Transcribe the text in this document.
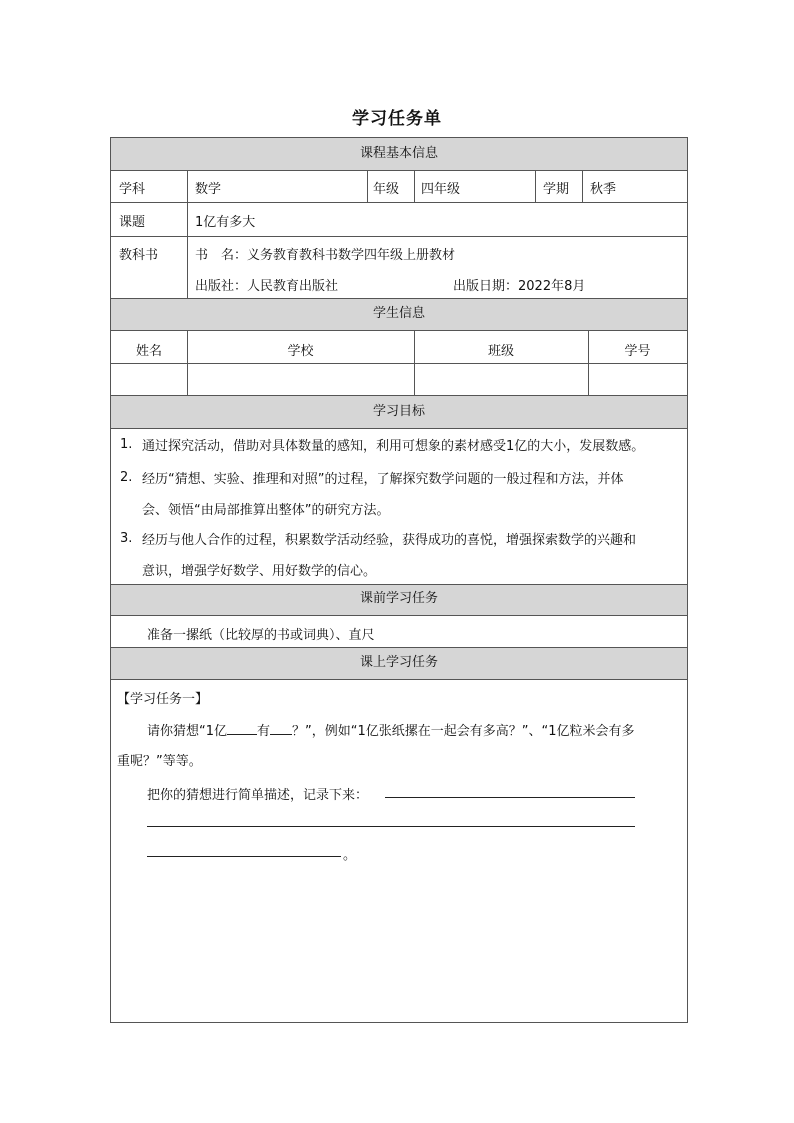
学习任务单
课程基本信息
学科	数学	年级 四年级	学期 秋季
课题	1亿有多大
教科书	书　名：义务教育教科书数学四年级上册教材
出版社：人民教育出版社	出版日期：2022年8月
学生信息
姓名	学校	班级	学号
学习目标
1. 通过探究活动，借助对具体数量的感知，利用可想象的素材感受1亿的大小，发展数感。
2. 经历“猜想、实验、推理和对照”的过程，了解探究数学问题的一般过程和方法，并体
会、领悟“由局部推算出整体”的研究方法。
3. 经历与他人合作的过程，积累数学活动经验，获得成功的喜悦，增强探索数学的兴趣和
意识，增强学好数学、用好数学的信心。
课前学习任务
准备一摞纸（比较厚的书或词典）、直尺
课上学习任务
【学习任务一】
请你猜想“1亿 有 ？”，例如“1亿张纸摞在一起会有多高？”、“1亿粒米会有多
重呢？”等等。
把你的猜想进行简单描述，记录下来：
。
